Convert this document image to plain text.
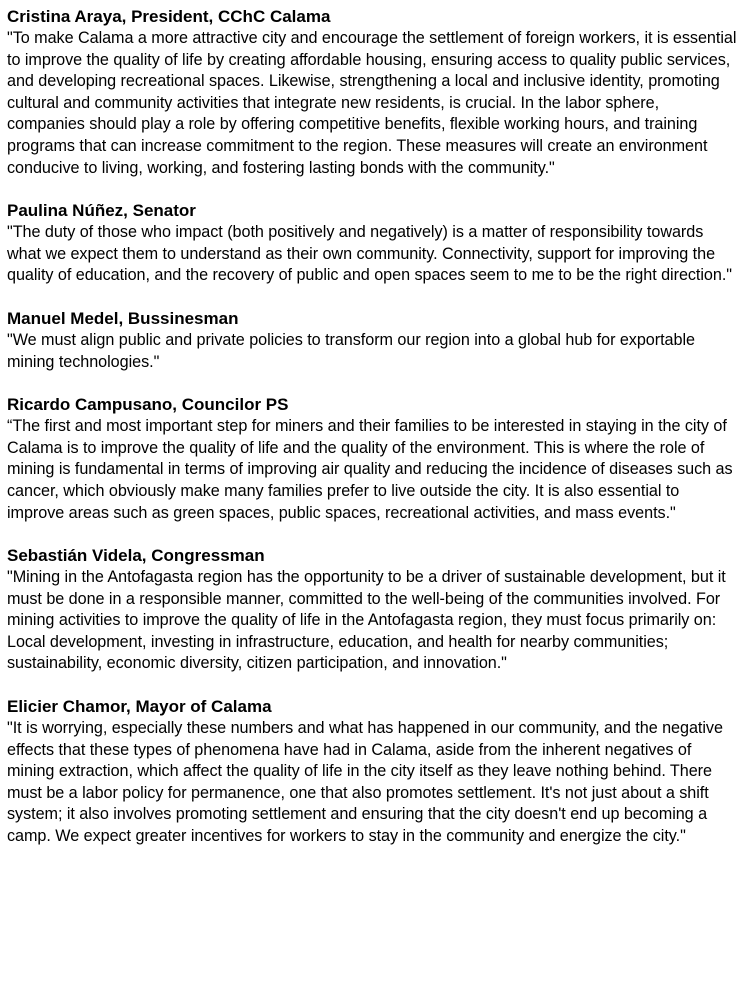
Cristina Araya, President, CChC Calama

"To make Calama a more attractive city and encourage the settlement of foreign workers, it is essential to improve the quality of life by creating affordable housing, ensuring access to quality public services, and developing recreational spaces. Likewise, strengthening a local and inclusive identity, promoting cultural and community activities that integrate new residents, is crucial. In the labor sphere, companies should play a role by offering competitive benefits, flexible working hours, and training programs that can increase commitment to the region. These measures will create an environment conducive to living, working, and fostering lasting bonds with the community."

Paulina Núñez, Senator

"The duty of those who impact (both positively and negatively) is a matter of responsibility towards what we expect them to understand as their own community. Connectivity, support for improving the quality of education, and the recovery of public and open spaces seem to me to be the right direction."

Manuel Medel, Bussinesman

"We must align public and private policies to transform our region into a global hub for exportable mining technologies."

Ricardo Campusano, Councilor PS

“The first and most important step for miners and their families to be interested in staying in the city of Calama is to improve the quality of life and the quality of the environment. This is where the role of mining is fundamental in terms of improving air quality and reducing the incidence of diseases such as cancer, which obviously make many families prefer to live outside the city. It is also essential to improve areas such as green spaces, public spaces, recreational activities, and mass events."

Sebastián Videla, Congressman

"Mining in the Antofagasta region has the opportunity to be a driver of sustainable development, but it must be done in a responsible manner, committed to the well-being of the communities involved. For mining activities to improve the quality of life in the Antofagasta region, they must focus primarily on: Local development, investing in infrastructure, education, and health for nearby communities; sustainability, economic diversity, citizen participation, and innovation."

Elicier Chamor, Mayor of Calama

"It is worrying, especially these numbers and what has happened in our community, and the negative effects that these types of phenomena have had in Calama, aside from the inherent negatives of mining extraction, which affect the quality of life in the city itself as they leave nothing behind. There must be a labor policy for permanence, one that also promotes settlement. It's not just about a shift system; it also involves promoting settlement and ensuring that the city doesn't end up becoming a camp. We expect greater incentives for workers to stay in the community and energize the city."
